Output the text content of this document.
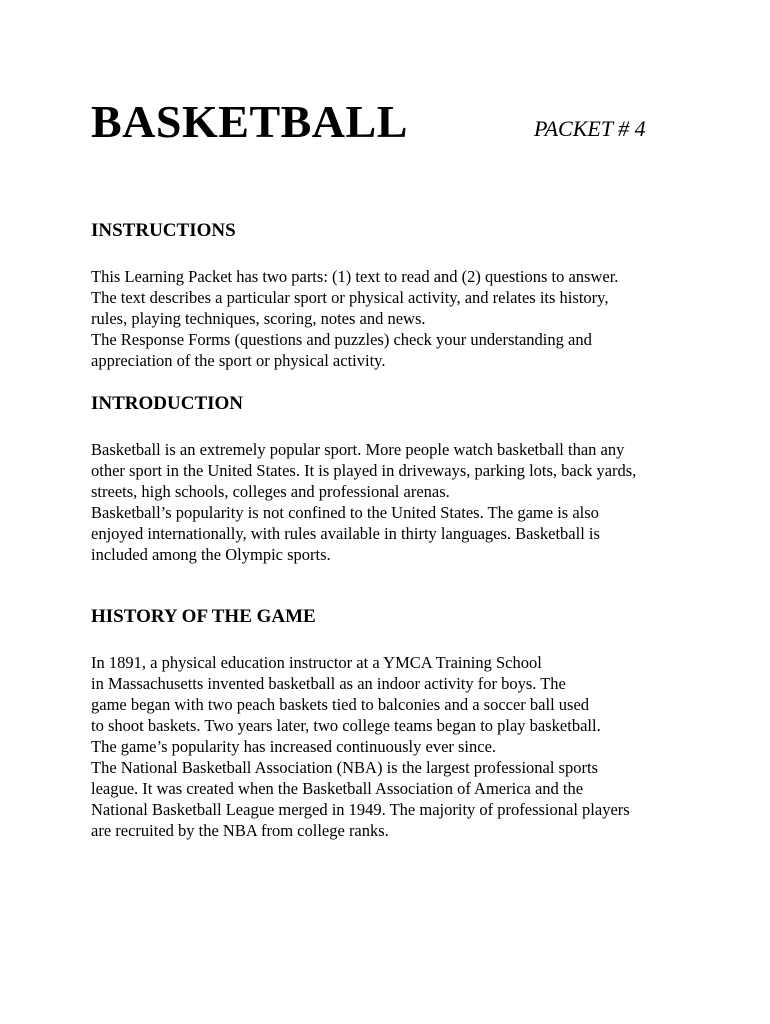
BASKETBALL	PACKET # 4
INSTRUCTIONS
This Learning Packet has two parts: (1) text to read and (2) questions to answer.
The text describes a particular sport or physical activity, and relates its history,
rules, playing techniques, scoring, notes and news.
The Response Forms (questions and puzzles) check your understanding and
appreciation of the sport or physical activity.
INTRODUCTION
Basketball is an extremely popular sport. More people watch basketball than any
other sport in the United States. It is played in driveways, parking lots, back yards,
streets, high schools, colleges and professional arenas.
Basketball’s popularity is not confined to the United States. The game is also
enjoyed internationally, with rules available in thirty languages. Basketball is
included among the Olympic sports.
HISTORY OF THE GAME
In 1891, a physical education instructor at a YMCA Training School
in Massachusetts invented basketball as an indoor activity for boys. The
game began with two peach baskets tied to balconies and a soccer ball used
to shoot baskets. Two years later, two college teams began to play basketball.
The game’s popularity has increased continuously ever since.
The National Basketball Association (NBA) is the largest professional sports
league. It was created when the Basketball Association of America and the
National Basketball League merged in 1949. The majority of professional players
are recruited by the NBA from college ranks.
